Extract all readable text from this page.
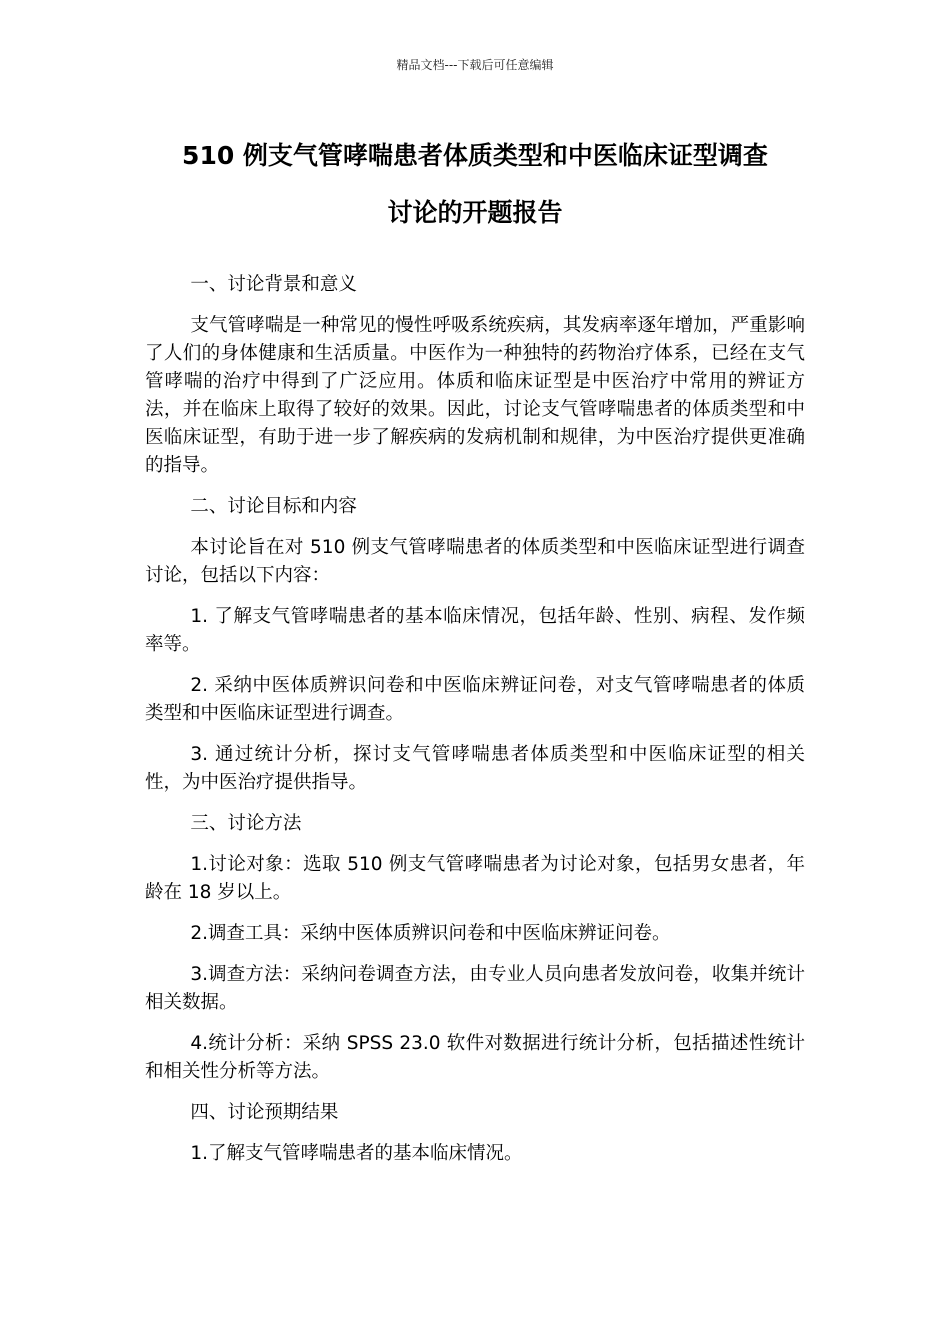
精品文档---下载后可任意编辑
510 例支气管哮喘患者体质类型和中医临床证型调查
讨论的开题报告

一、讨论背景和意义

支气管哮喘是一种常见的慢性呼吸系统疾病，其发病率逐年增加，严重影响了人们的身体健康和生活质量。中医作为一种独特的药物治疗体系，已经在支气管哮喘的治疗中得到了广泛应用。体质和临床证型是中医治疗中常用的辨证方法，并在临床上取得了较好的效果。因此，讨论支气管哮喘患者的体质类型和中医临床证型，有助于进一步了解疾病的发病机制和规律，为中医治疗提供更准确的指导。

二、讨论目标和内容

本讨论旨在对 510 例支气管哮喘患者的体质类型和中医临床证型进行调查讨论，包括以下内容：

1. 了解支气管哮喘患者的基本临床情况，包括年龄、性别、病程、发作频率等。

2. 采纳中医体质辨识问卷和中医临床辨证问卷，对支气管哮喘患者的体质类型和中医临床证型进行调查。

3. 通过统计分析，探讨支气管哮喘患者体质类型和中医临床证型的相关性，为中医治疗提供指导。

三、讨论方法

1.讨论对象：选取 510 例支气管哮喘患者为讨论对象，包括男女患者，年龄在 18 岁以上。

2.调查工具：采纳中医体质辨识问卷和中医临床辨证问卷。

3.调查方法：采纳问卷调查方法，由专业人员向患者发放问卷，收集并统计相关数据。

4.统计分析：采纳 SPSS 23.0 软件对数据进行统计分析，包括描述性统计和相关性分析等方法。

四、讨论预期结果

1.了解支气管哮喘患者的基本临床情况。
